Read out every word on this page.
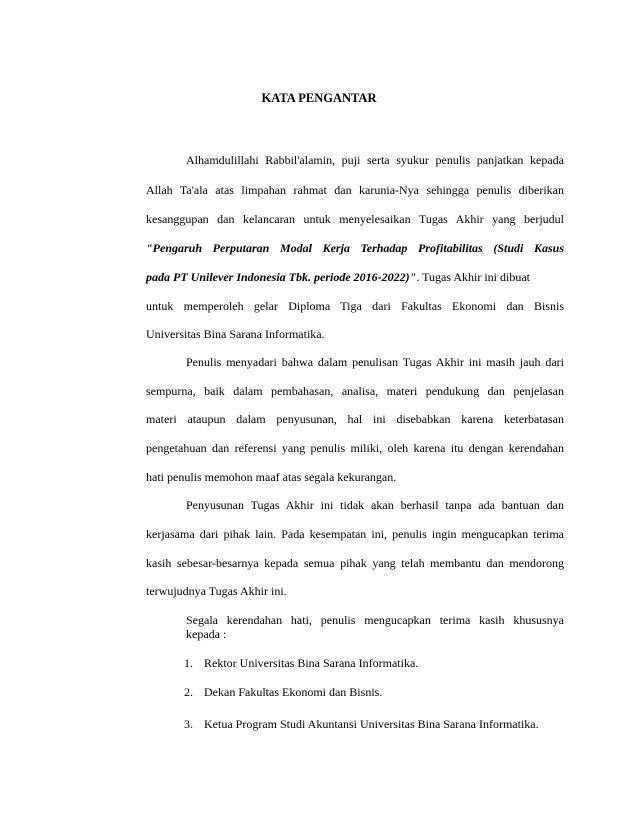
KATA PENGANTAR
Alhamdulillahi Rabbil'alamin, puji serta syukur penulis panjatkan kepada
Allah Ta'ala atas limpahan rahmat dan karunia-Nya sehingga penulis diberikan
kesanggupan dan kelancaran untuk menyelesaikan Tugas Akhir yang berjudul
"Pengaruh Perputaran Modal Kerja Terhadap Profitabilitas (Studi Kasus
pada PT Unilever Indonesia Tbk. periode 2016-2022)". Tugas Akhir ini dibuat
untuk memperoleh gelar Diploma Tiga dari Fakultas Ekonomi dan Bisnis
Universitas Bina Sarana Informatika.
Penulis menyadari bahwa dalam penulisan Tugas Akhir ini masih jauh dari
sempurna, baik dalam pembahasan, analisa, materi pendukung dan penjelasan
materi ataupun dalam penyusunan, hal ini disebabkan karena keterbatasan
pengetahuan dan referensi yang penulis miliki, oleh karena itu dengan kerendahan
hati penulis memohon maaf atas segala kekurangan.
Penyusunan Tugas Akhir ini tidak akan berhasil tanpa ada bantuan dan
kerjasama dari pihak lain. Pada kesempatan ini, penulis ingin mengucapkan terima
kasih sebesar-besarnya kepada semua pihak yang telah membantu dan mendorong
terwujudnya Tugas Akhir ini.
Segala kerendahan hati, penulis mengucapkan terima kasih khususnya
kepada :
1. Rektor Universitas Bina Sarana Informatika.
2. Dekan Fakultas Ekonomi dan Bisnis.
3. Ketua Program Studi Akuntansi Universitas Bina Sarana Informatika.
